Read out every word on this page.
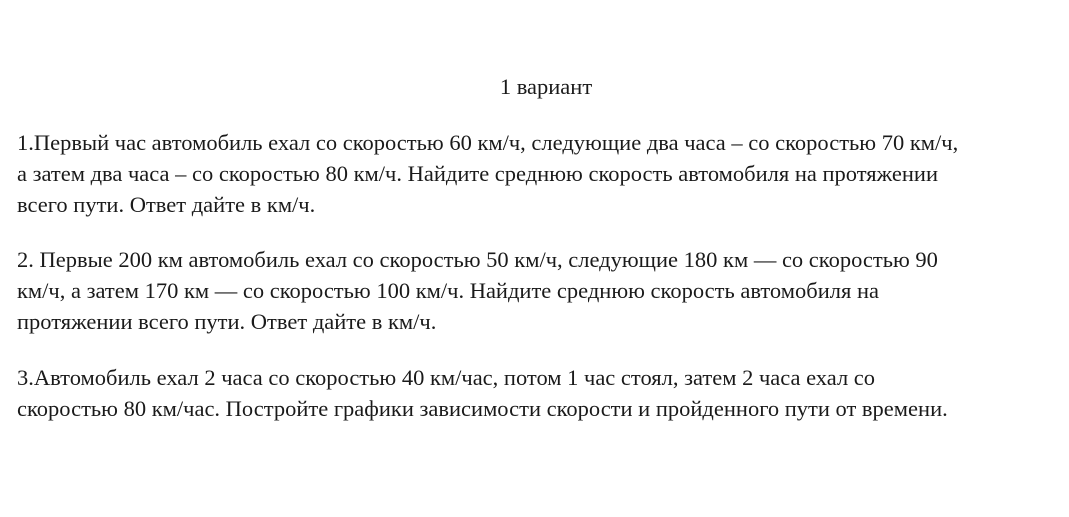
1 вариант
1.Первый час автомобиль ехал со скоростью 60 км/ч, следующие два часа – со скоростью 70 км/ч,
а затем два часа – со скоростью 80 км/ч. Найдите среднюю скорость автомобиля на протяжении
всего пути. Ответ дайте в км/ч.
2. Первые 200 км автомобиль ехал со скоростью 50 км/ч, следующие 180 км — со скоростью 90
км/ч, а затем 170 км — со скоростью 100 км/ч. Найдите среднюю скорость автомобиля на
протяжении всего пути. Ответ дайте в км/ч.
3.Автомобиль ехал 2 часа со скоростью 40 км/час, потом 1 час стоял, затем 2 часа ехал со
скоростью 80 км/час. Постройте графики зависимости скорости и пройденного пути от времени.
